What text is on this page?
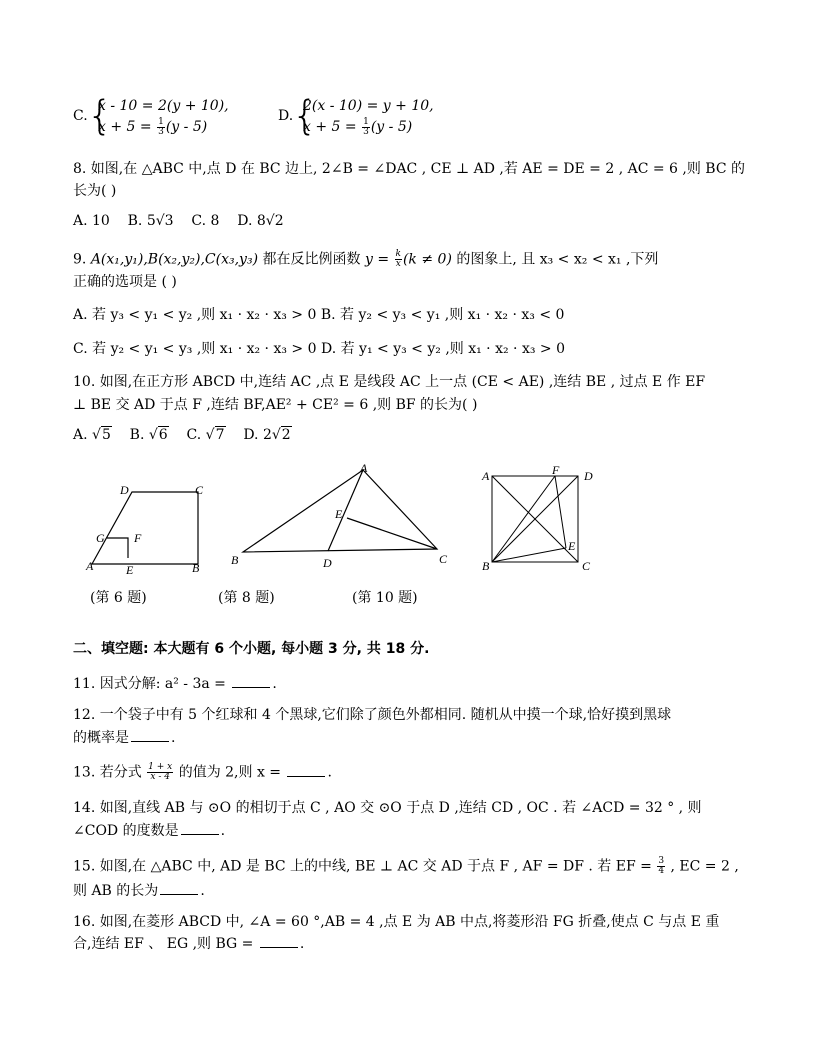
C. {
x - 10 = 2(y + 10),
$x + 5 = \frac{1}{3} (y - 5)$
D.
{
2(x - 10) = y + 10,
$x + 5 = \frac{1}{3} (y - 5)$
8. 如图,在 △ABC 中,点 D 在 BC 边上, 2∠B = ∠DAC , CE ⊥ AD ,若 AE = DE = 2 , AC = 6 ,则 BC 的
长为( )
A. 10 B. 5√3 C. 8 D. 8√2
9. A(x₁,y₁),B(x₂,y₂),C(x₃,y₃) 都在反比例函数 $y = \frac{k}{x} (k \ne 0)$ 的图象上, 且 x₃ < x₂ < x₁ ,下列
正确的选项是 ( )
A. 若 y₃ < y₁ < y₂ ,则 x₁ · x₂ · x₃ > 0 B. 若 y₂ < y₃ < y₁ ,则 x₁ · x₂ · x₃ < 0
C. 若 y₂ < y₁ < y₃ ,则 x₁ · x₂ · x₃ > 0 D. 若 y₁ < y₃ < y₂ ,则 x₁ · x₂ · x₃ > 0
10. 如图,在正方形 ABCD 中,连结 AC ,点 E 是线段 AC 上一点 (CE < AE) ,连结 BE , 过点 E 作 EF
⊥ BE 交 AD 于点 F ,连结 BF,AE² + CE² = 6 ,则 BF 的长为( )
A. √5 B. √6 C. √7 D. 2√2
D	C
G F
A	E	B
(第 6 题)
A
E
B	D	C
(第 8 题)
A	F D
E
B	C
(第 10 题)
二、填空题: 本大题有 6 个小题, 每小题 3 分, 共 18 分.
11. 因式分解: a² - 3a =	.
12. 一个袋子中有 5 个红球和 4 个黑球,它们除了颜色外都相同. 随机从中摸一个球,恰好摸到黑球
的概率是	.
13. 若分式 $\frac{1 + x}{x - 4}$ 的值为 2,则 x =	.
14. 如图,直线 AB 与 ⊙O 的相切于点 C , AO 交 ⊙O 于点 D ,连结 CD , OC . 若 ∠ACD = 32 ° , 则
∠COD 的度数是	.
15. 如图,在 △ABC 中, AD 是 BC 上的中线, BE ⊥ AC 交 AD 于点 F , AF = DF . 若 EF = $\frac{3}{4}$ , EC = 2 ,
则 AB 的长为	.
16. 如图,在菱形 ABCD 中, ∠A = 60 °,AB = 4 ,点 E 为 AB 中点,将菱形沿 FG 折叠,使点 C 与点 E 重
合,连结 EF 、 EG ,则 BG =	.
